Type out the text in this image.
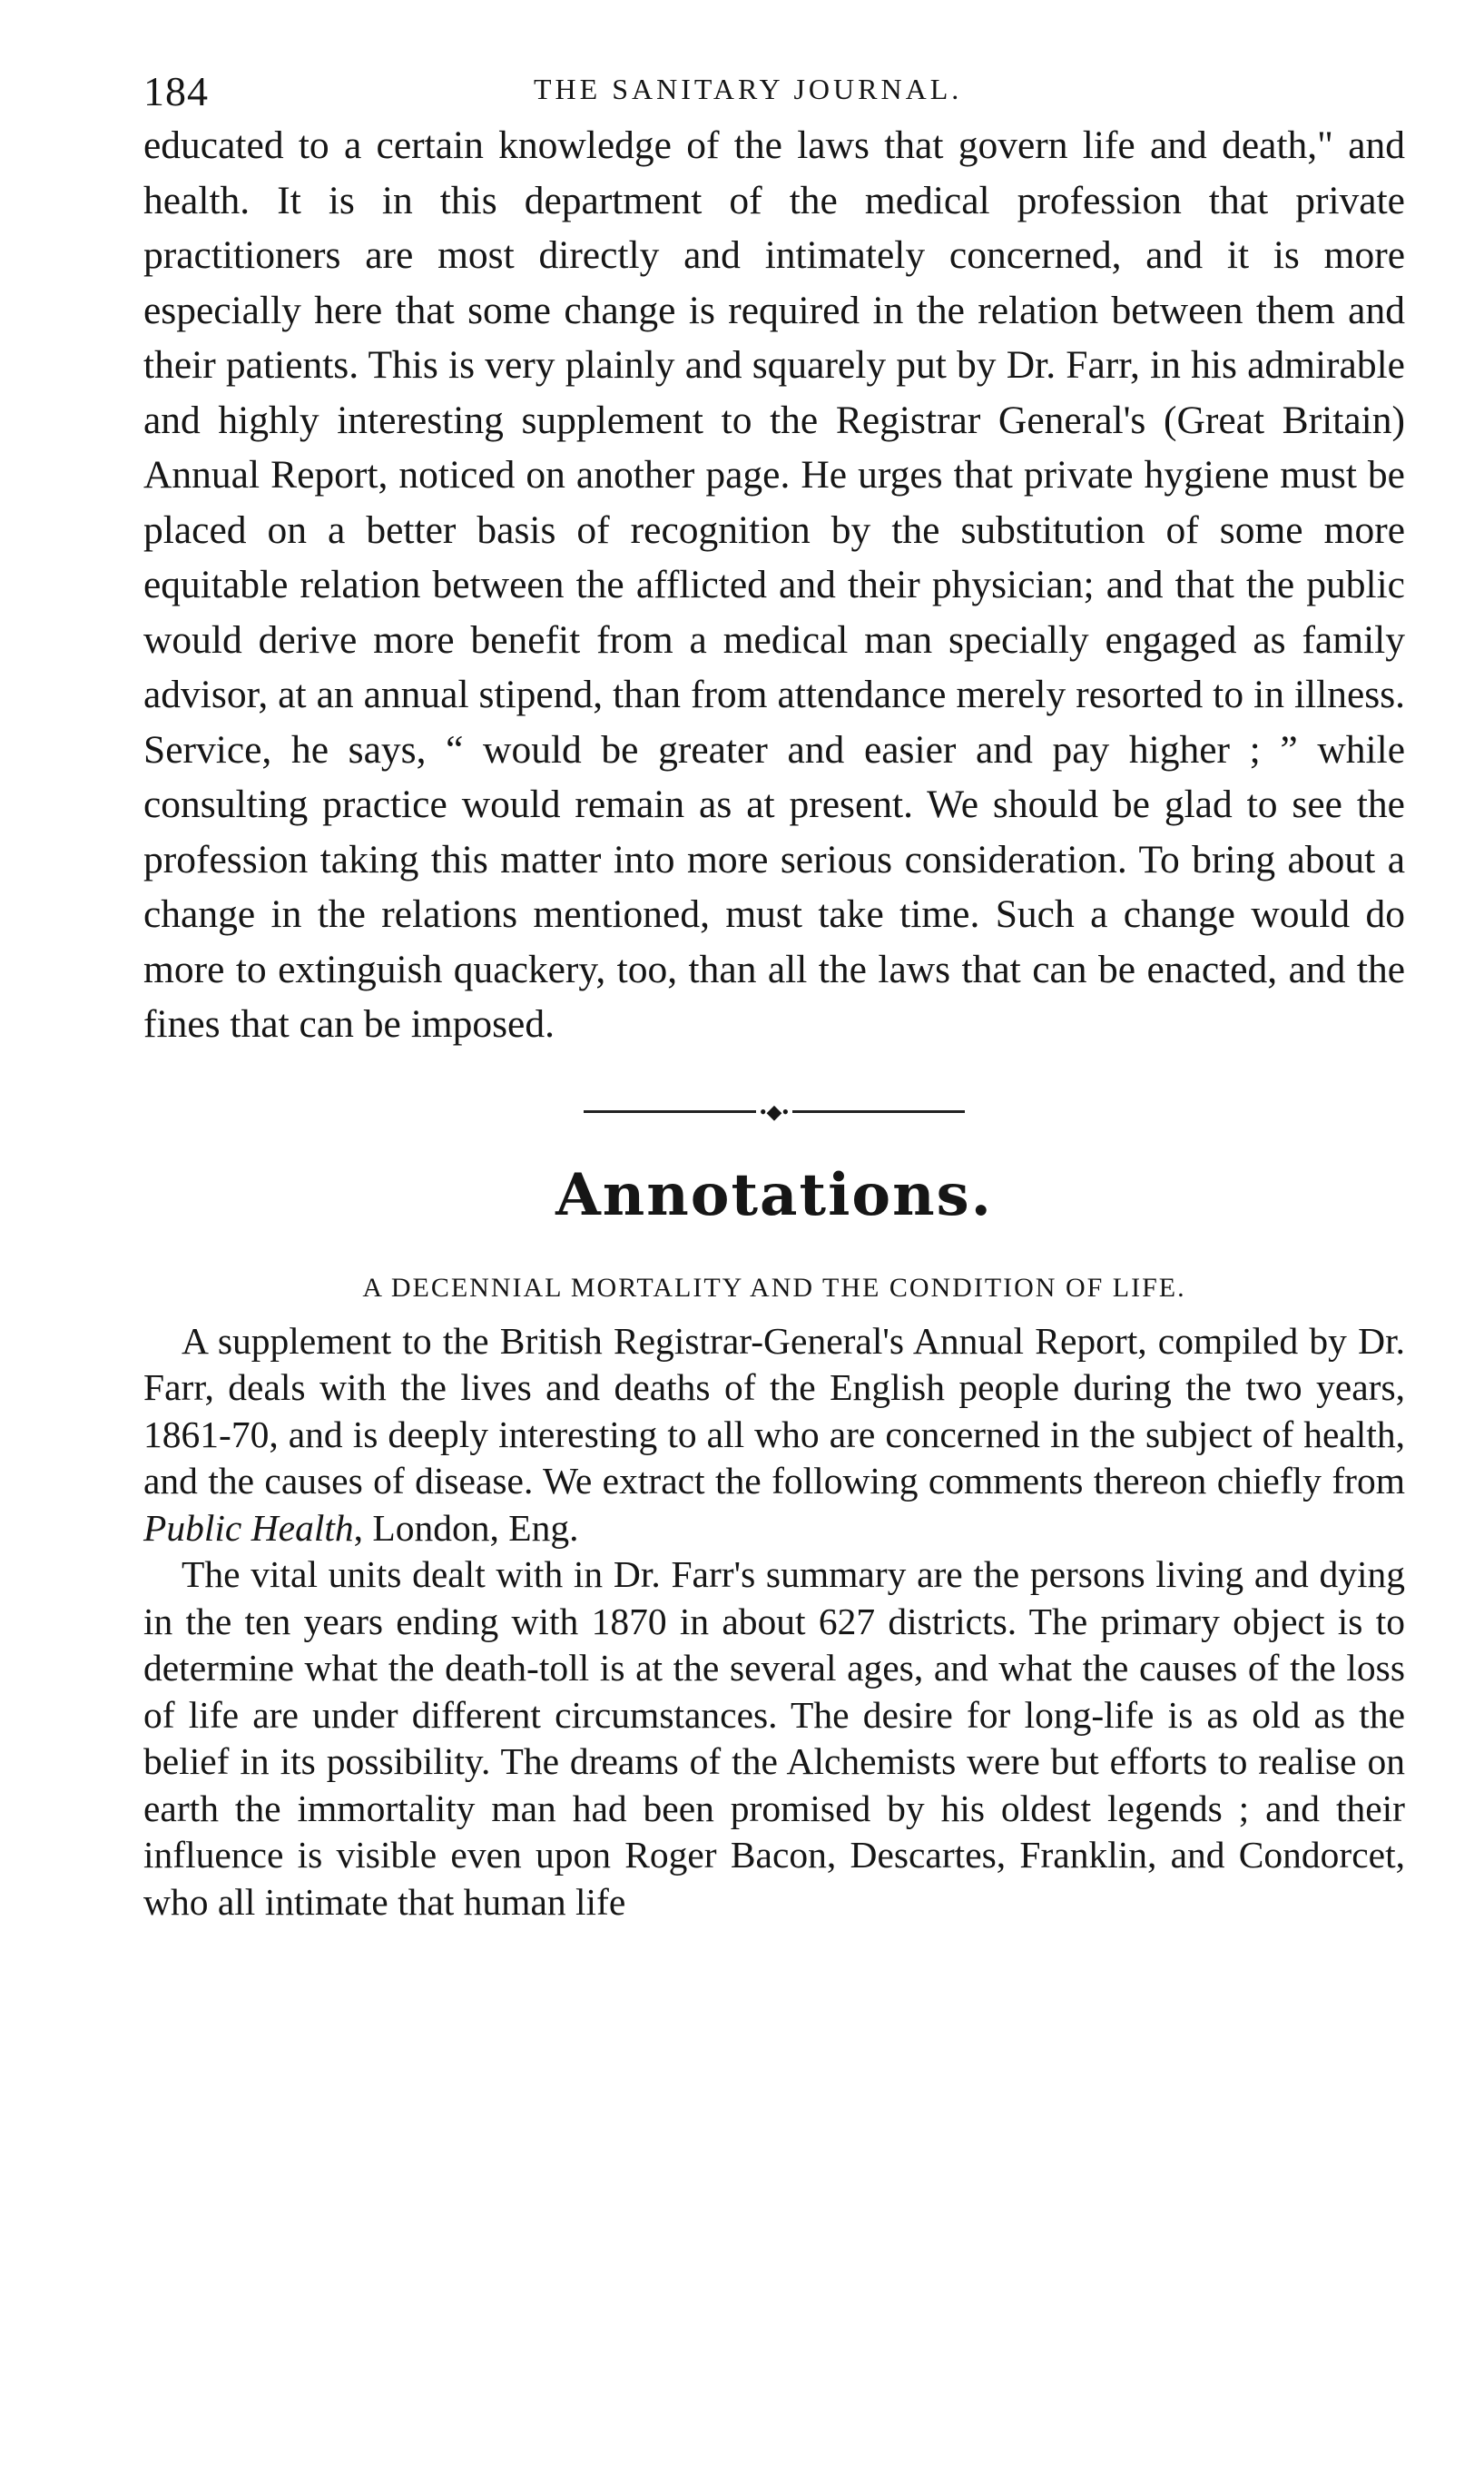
184	THE SANITARY JOURNAL.

educated to a certain knowledge of the laws that govern life and death," and health. It is in this department of the medical profession that private practitioners are most directly and intimately concerned, and it is more especially here that some change is required in the relation between them and their patients. This is very plainly and squarely put by Dr. Farr, in his admirable and highly interesting supplement to the Registrar General's (Great Britain) Annual Report, noticed on another page. He urges that private hygiene must be placed on a better basis of recognition by the substitution of some more equitable relation between the afflicted and their physician; and that the public would derive more benefit from a medical man specially engaged as family advisor, at an annual stipend, than from attendance merely resorted to in illness. Service, he says, “ would be greater and easier and pay higher ; ” while consulting practice would remain as at present. We should be glad to see the profession taking this matter into more serious consideration. To bring about a change in the relations mentioned, must take time. Such a change would do more to extinguish quackery, too, than all the laws that can be enacted, and the fines that can be imposed.

•◆•
Annotations.
A DECENNIAL MORTALITY AND THE CONDITION OF LIFE.

A supplement to the British Registrar-General's Annual Report, compiled by Dr. Farr, deals with the lives and deaths of the English people during the two years, 1861-70, and is deeply interesting to all who are concerned in the subject of health, and the causes of disease. We extract the following comments thereon chiefly from Public Health, London, Eng.

The vital units dealt with in Dr. Farr's summary are the persons living and dying in the ten years ending with 1870 in about 627 districts. The primary object is to determine what the death-toll is at the several ages, and what the causes of the loss of life are under different circumstances. The desire for long-life is as old as the belief in its possibility. The dreams of the Alchemists were but efforts to realise on earth the immortality man had been promised by his oldest legends ; and their influence is visible even upon Roger Bacon, Descartes, Franklin, and Condorcet, who all intimate that human life
